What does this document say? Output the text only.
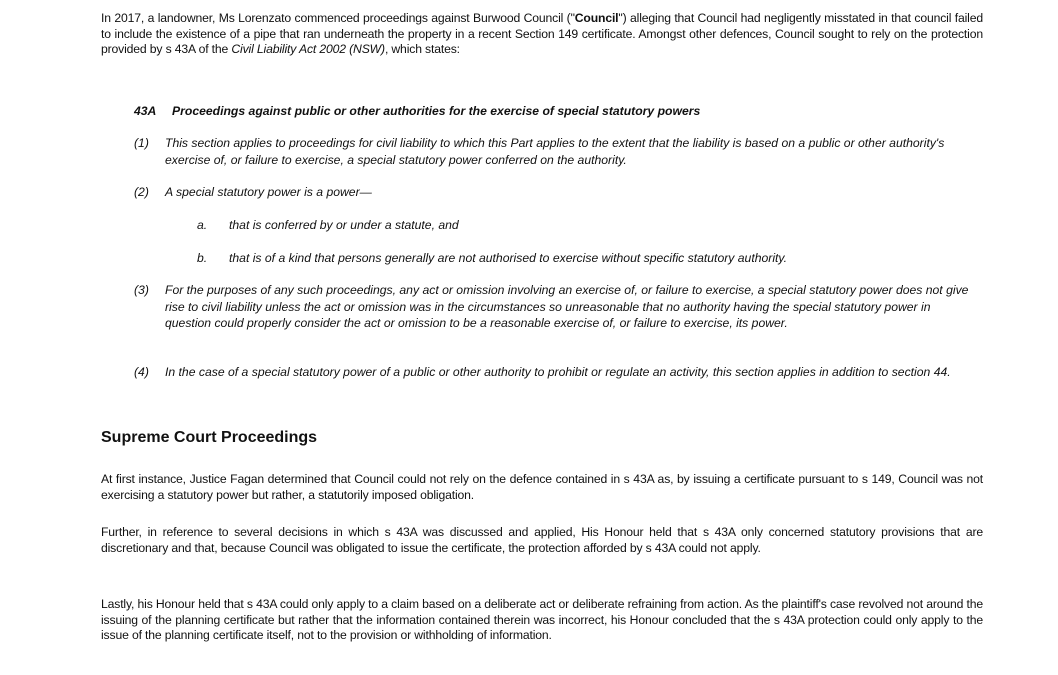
In 2017, a landowner, Ms Lorenzato commenced proceedings against Burwood Council ("Council") alleging that Council had negligently misstated in that council failed to include the existence of a pipe that ran underneath the property in a recent Section 149 certificate. Amongst other defences, Council sought to rely on the protection provided by s 43A of the Civil Liability Act 2002 (NSW), which states:
43A Proceedings against public or other authorities for the exercise of special statutory powers
(1)	This section applies to proceedings for civil liability to which this Part applies to the extent that the liability is based on a public or other authority's exercise of, or failure to exercise, a special statutory power conferred on the authority.
(2)	A special statutory power is a power—
a. that is conferred by or under a statute, and
b. that is of a kind that persons generally are not authorised to exercise without specific statutory authority.
(3)	For the purposes of any such proceedings, any act or omission involving an exercise of, or failure to exercise, a special statutory power does not give rise to civil liability unless the act or omission was in the circumstances so unreasonable that no authority having the special statutory power in question could properly consider the act or omission to be a reasonable exercise of, or failure to exercise, its power.
(4)	In the case of a special statutory power of a public or other authority to prohibit or regulate an activity, this section applies in addition to section 44.
Supreme Court Proceedings
At first instance, Justice Fagan determined that Council could not rely on the defence contained in s 43A as, by issuing a certificate pursuant to s 149, Council was not exercising a statutory power but rather, a statutorily imposed obligation.
Further, in reference to several decisions in which s 43A was discussed and applied, His Honour held that s 43A only concerned statutory provisions that are discretionary and that, because Council was obligated to issue the certificate, the protection afforded by s 43A could not apply.
Lastly, his Honour held that s 43A could only apply to a claim based on a deliberate act or deliberate refraining from action. As the plaintiff's case revolved not around the issuing of the planning certificate but rather that the information contained therein was incorrect, his Honour concluded that the s 43A protection could only apply to the issue of the planning certificate itself, not to the provision or withholding of information.
